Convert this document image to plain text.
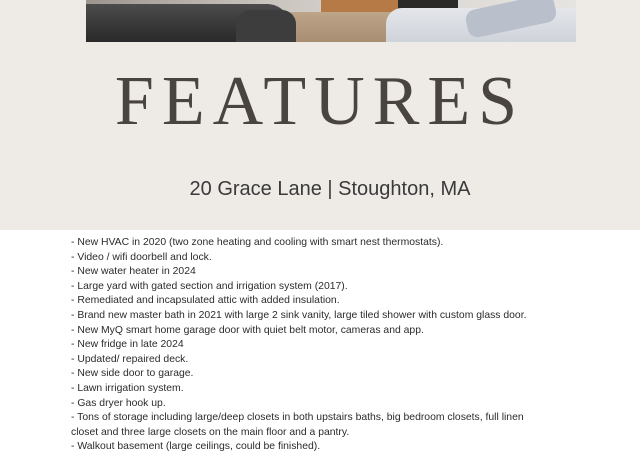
FEATURES
20 Grace Lane | Stoughton, MA
- New HVAC in 2020 (two zone heating and cooling with smart nest thermostats).
- Video / wifi doorbell and lock.
- New water heater in 2024
- Large yard with gated section and irrigation system (2017).
- Remediated and incapsulated attic with added insulation.
- Brand new master bath in 2021 with large 2 sink vanity, large tiled shower with custom glass door.
- New MyQ smart home garage door with quiet belt motor, cameras and app.
- New fridge in late 2024
- Updated/ repaired deck.
- New side door to garage.
- Lawn irrigation system.
- Gas dryer hook up.
- Tons of storage including large/deep closets in both upstairs baths, big bedroom closets, full linen
closet and three large closets on the main floor and a pantry.
- Walkout basement (large ceilings, could be finished).
